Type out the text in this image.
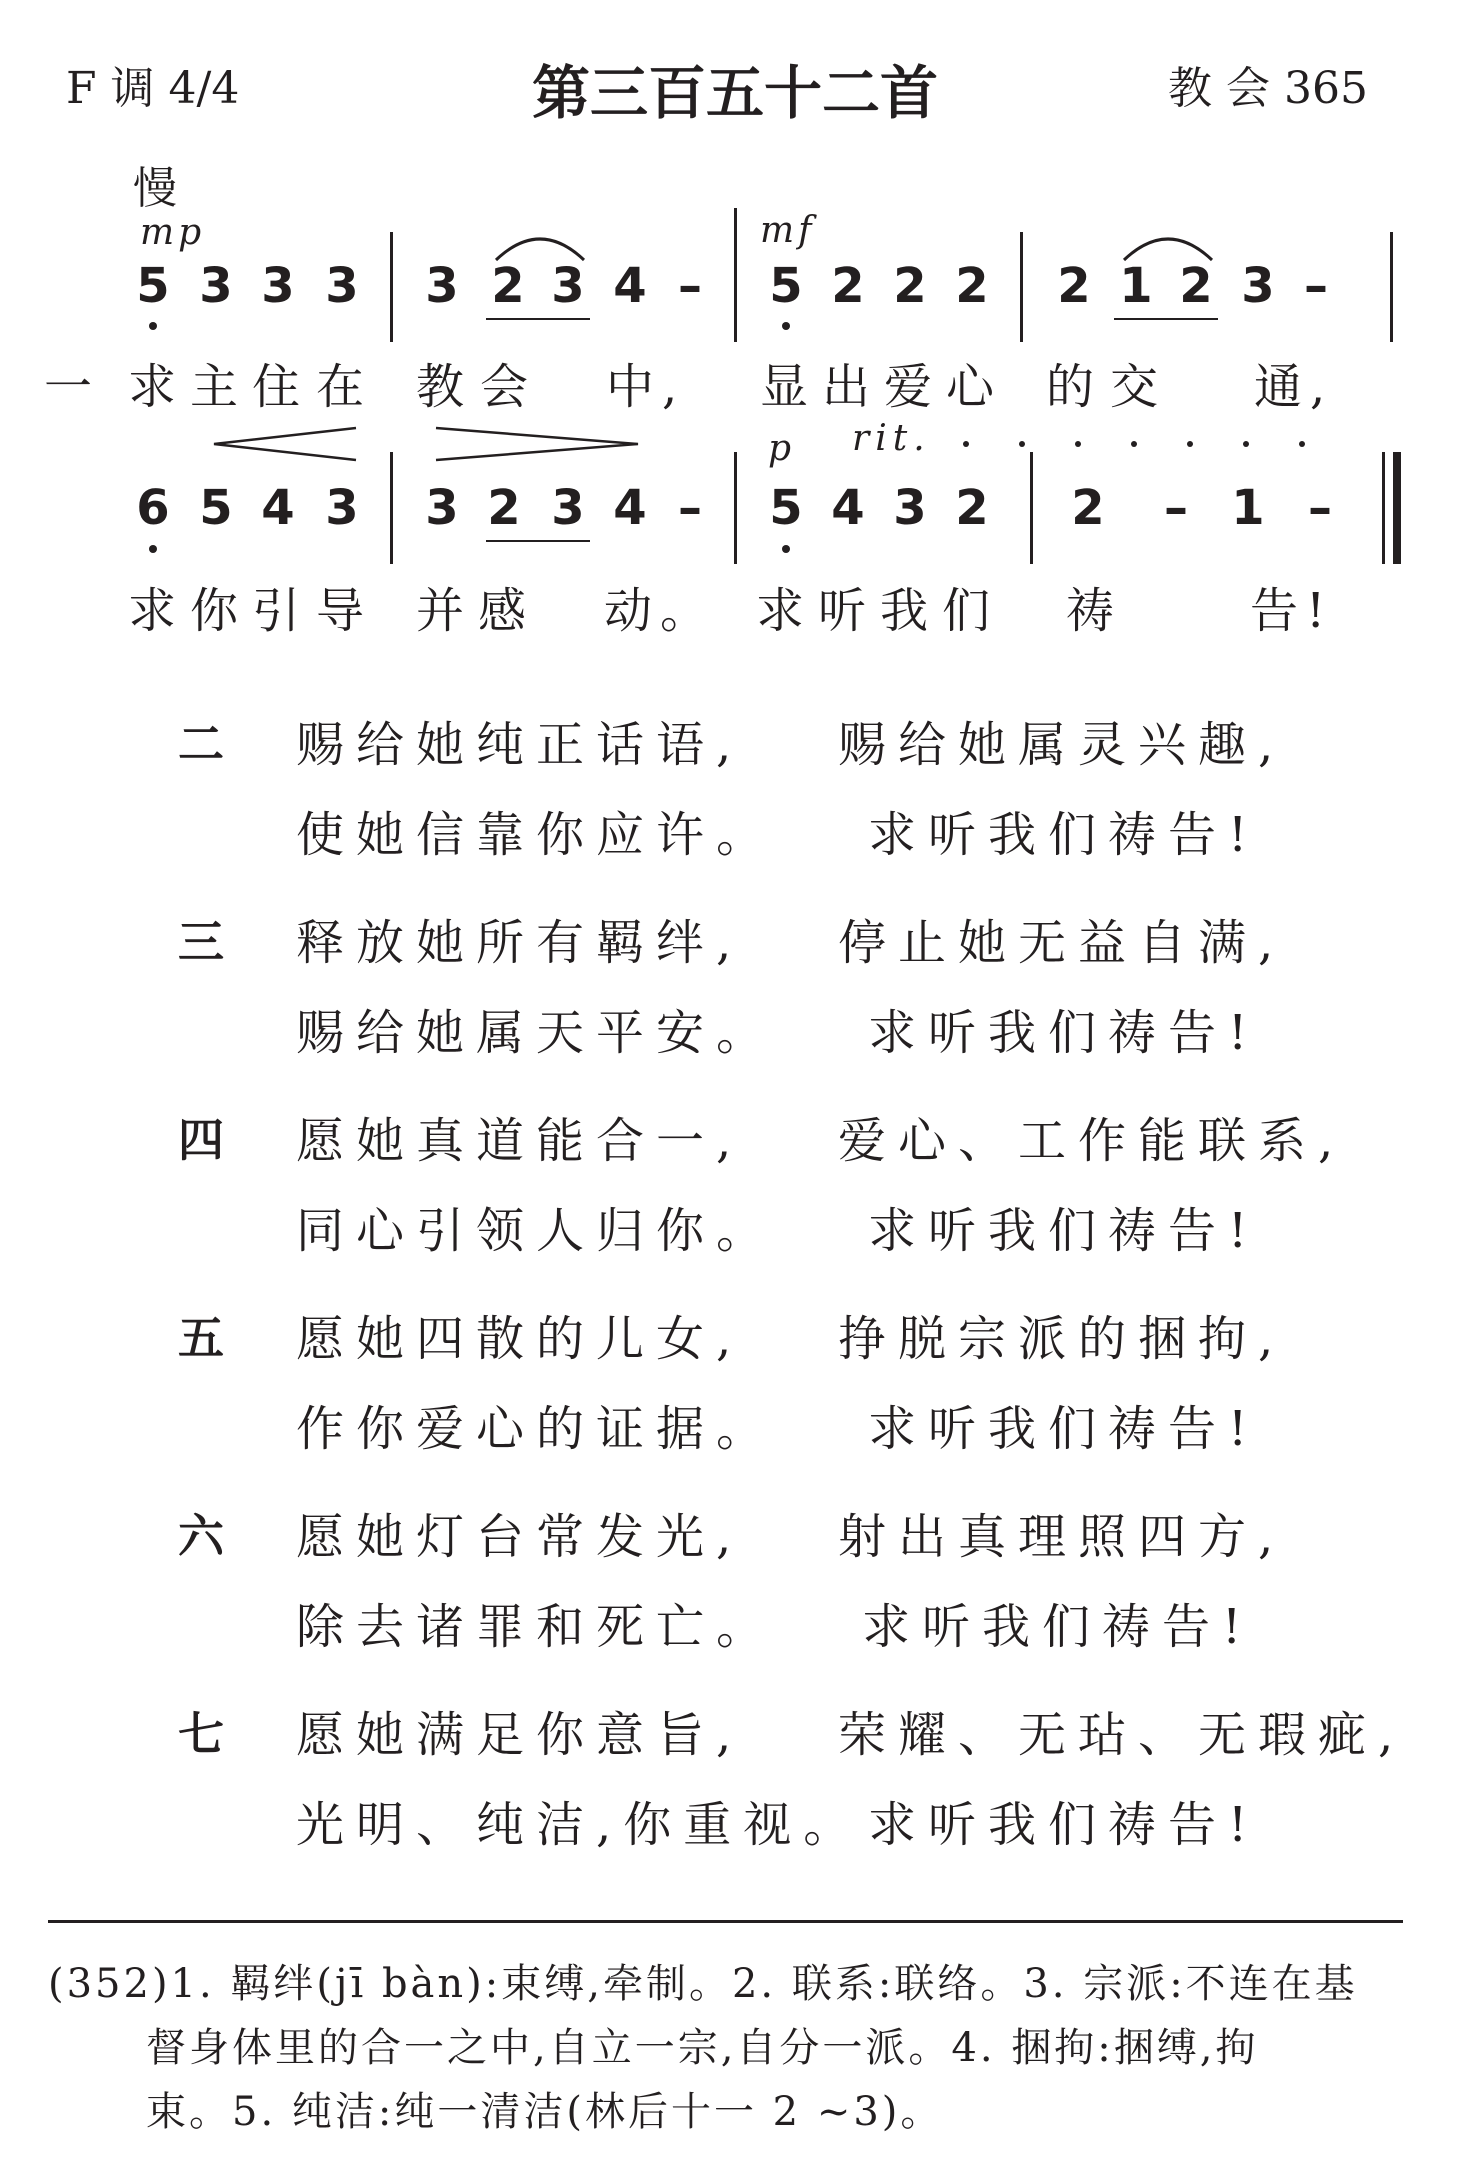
F 调 4/4	第三百五十二首	教 会 365
慢
mp	mf
5 3 3 3 3 2 3 4 – 5 2 2 2 2 1 2 3 –
一 求 主 住 在 教 会 中, 显 出 爱 心 的 交 通,
p rit.
6 5 4 3 3 2 3 4 – 5 4 3 2 2 – 1 –
求 你 引 导 并 感 动。 求 听 我 们 祷	告!
二 赐给她纯正话语, 赐给她属灵兴趣,
使她信靠你应许。 求听我们祷告!
三 释放她所有羁绊, 停止她无益自满,
赐给她属天平安。 求听我们祷告!
四 愿她真道能合一, 爱心、工作能联系,
同心引领人归你。 求听我们祷告!
五 愿她四散的儿女, 挣脱宗派的捆拘,
作你爱心的证据。 求听我们祷告!
六 愿她灯台常发光, 射出真理照四方,
除去诸罪和死亡。 求听我们祷告!
七 愿她满足你意旨, 荣耀、无玷、无瑕疵,
光明、纯洁,你重视。 求听我们祷告!
(352)1. 羁绊(jī bàn):束缚,牵制。2. 联系:联络。3. 宗派:不连在基
督身体里的合一之中,自立一宗,自分一派。4. 捆拘:捆缚,拘
束。5. 纯洁:纯一清洁(林后十一 2 ~3)。
